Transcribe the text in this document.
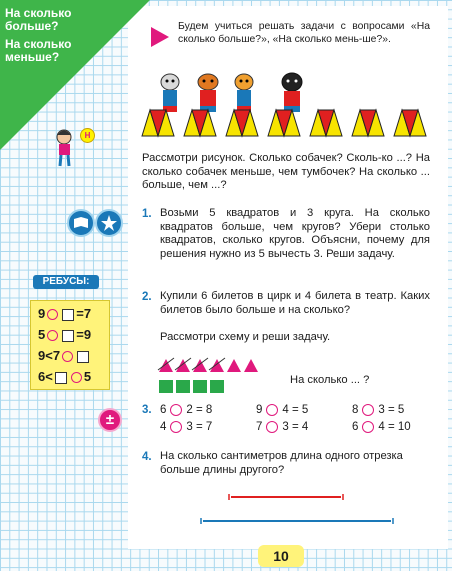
На сколько
больше?
На сколько
меньше?
Н
Будем учиться решать задачи с вопросами «На сколько больше?», «На сколько мень-ше?».
Рассмотри рисунок. Сколько собачек? Сколь-ко ...? На сколько собачек меньше, чем тумбочек? На сколько ... больше, чем ...?
1. Возьми 5 квадратов и 3 круга. На сколько квадратов больше, чем кругов? Убери столько квадратов, сколько кругов. Объясни, почему для решения нужно из 5 вычесть 3. Реши задачу.
РЕБУСЫ:
9 =7
5 =9
9<7
6< 5
2. Купили 6 билетов в цирк и 4 билета в театр. Каких билетов было больше и на сколько?
Рассмотри схему и реши задачу.
На сколько ... ?
±
3. 6 2 = 8
4 3 = 7
9 4 = 5
7 3 = 4
8 3 = 5
6 4 = 10
4. На сколько сантиметров длина одного отрезка больше длины другого?
10
